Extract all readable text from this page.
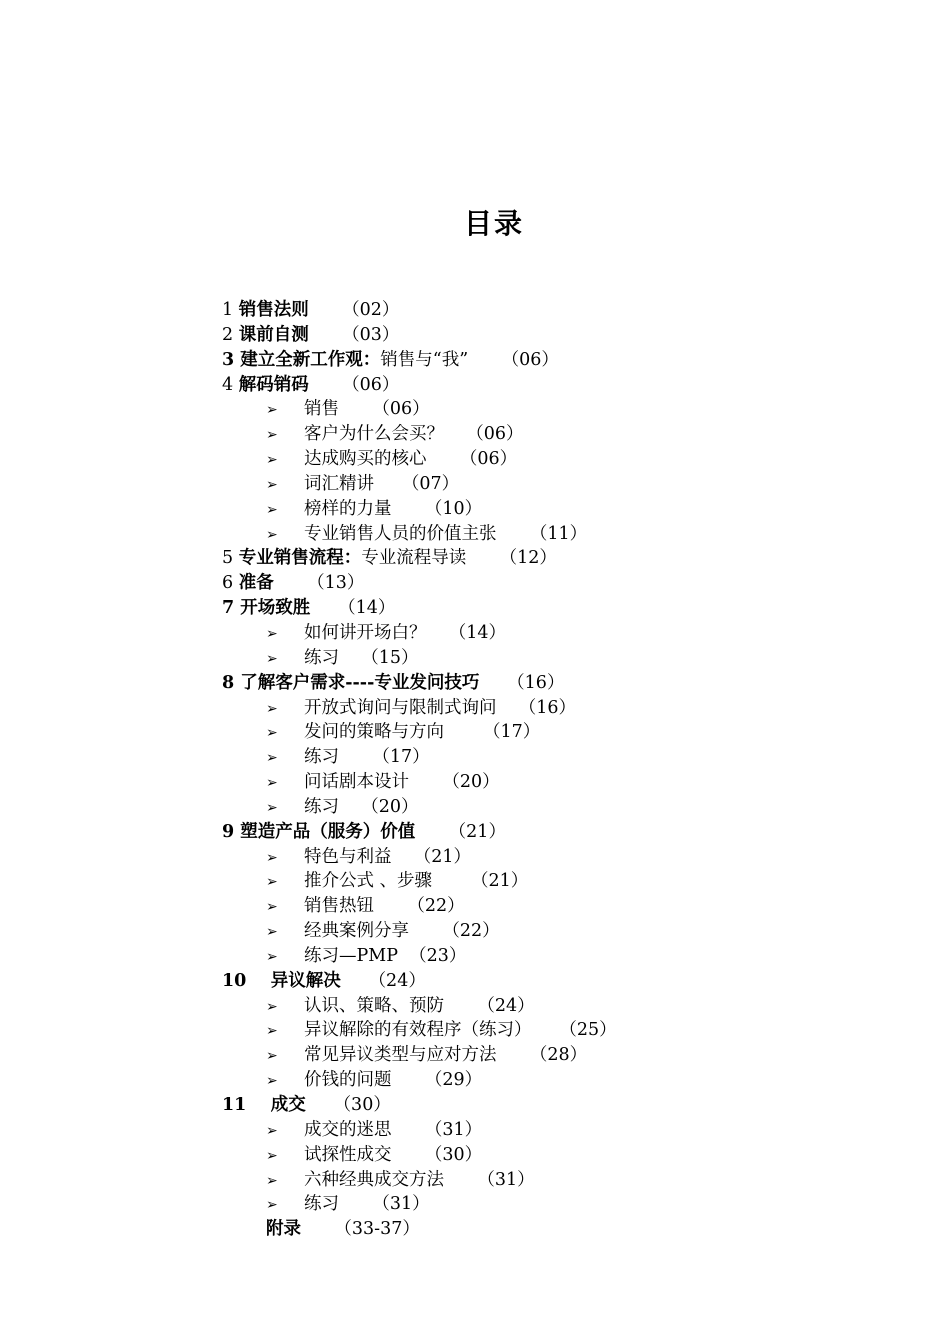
目录
1 销售法则 （02）
2 课前自测 （03）
3 建立全新工作观：销售与“我” （06）
4 解码销码 （06）
➢ 销售 （06）
➢ 客户为什么会买？ （06）
➢ 达成购买的核心 （06）
➢ 词汇精讲 （07）
➢ 榜样的力量 （10）
➢ 专业销售人员的价值主张 （11）
5 专业销售流程：专业流程导读 （12）
6 准备 （13）
7 开场致胜 （14）
➢ 如何讲开场白？ （14）
➢ 练习 （15）
8 了解客户需求----专业发问技巧 （16）
➢ 开放式询问与限制式询问 （16）
➢ 发问的策略与方向 （17）
➢ 练习 （17）
➢ 问话剧本设计 （20）
➢ 练习 （20）
9 塑造产品（服务）价值 （21）
➢ 特色与利益 （21）
➢ 推介公式 、步骤 （21）
➢ 销售热钮 （22）
➢ 经典案例分享 （22）
➢ 练习—PMP （23）
10    异议解决 （24）
➢ 认识、策略、预防 （24）
➢ 异议解除的有效程序（练习） （25）
➢ 常见异议类型与应对方法 （28）
➢ 价钱的问题 （29）
11    成交 （30）
➢ 成交的迷思 （31）
➢ 试探性成交 （30）
➢ 六种经典成交方法 （31）
➢ 练习 （31）
附录 （33-37）
